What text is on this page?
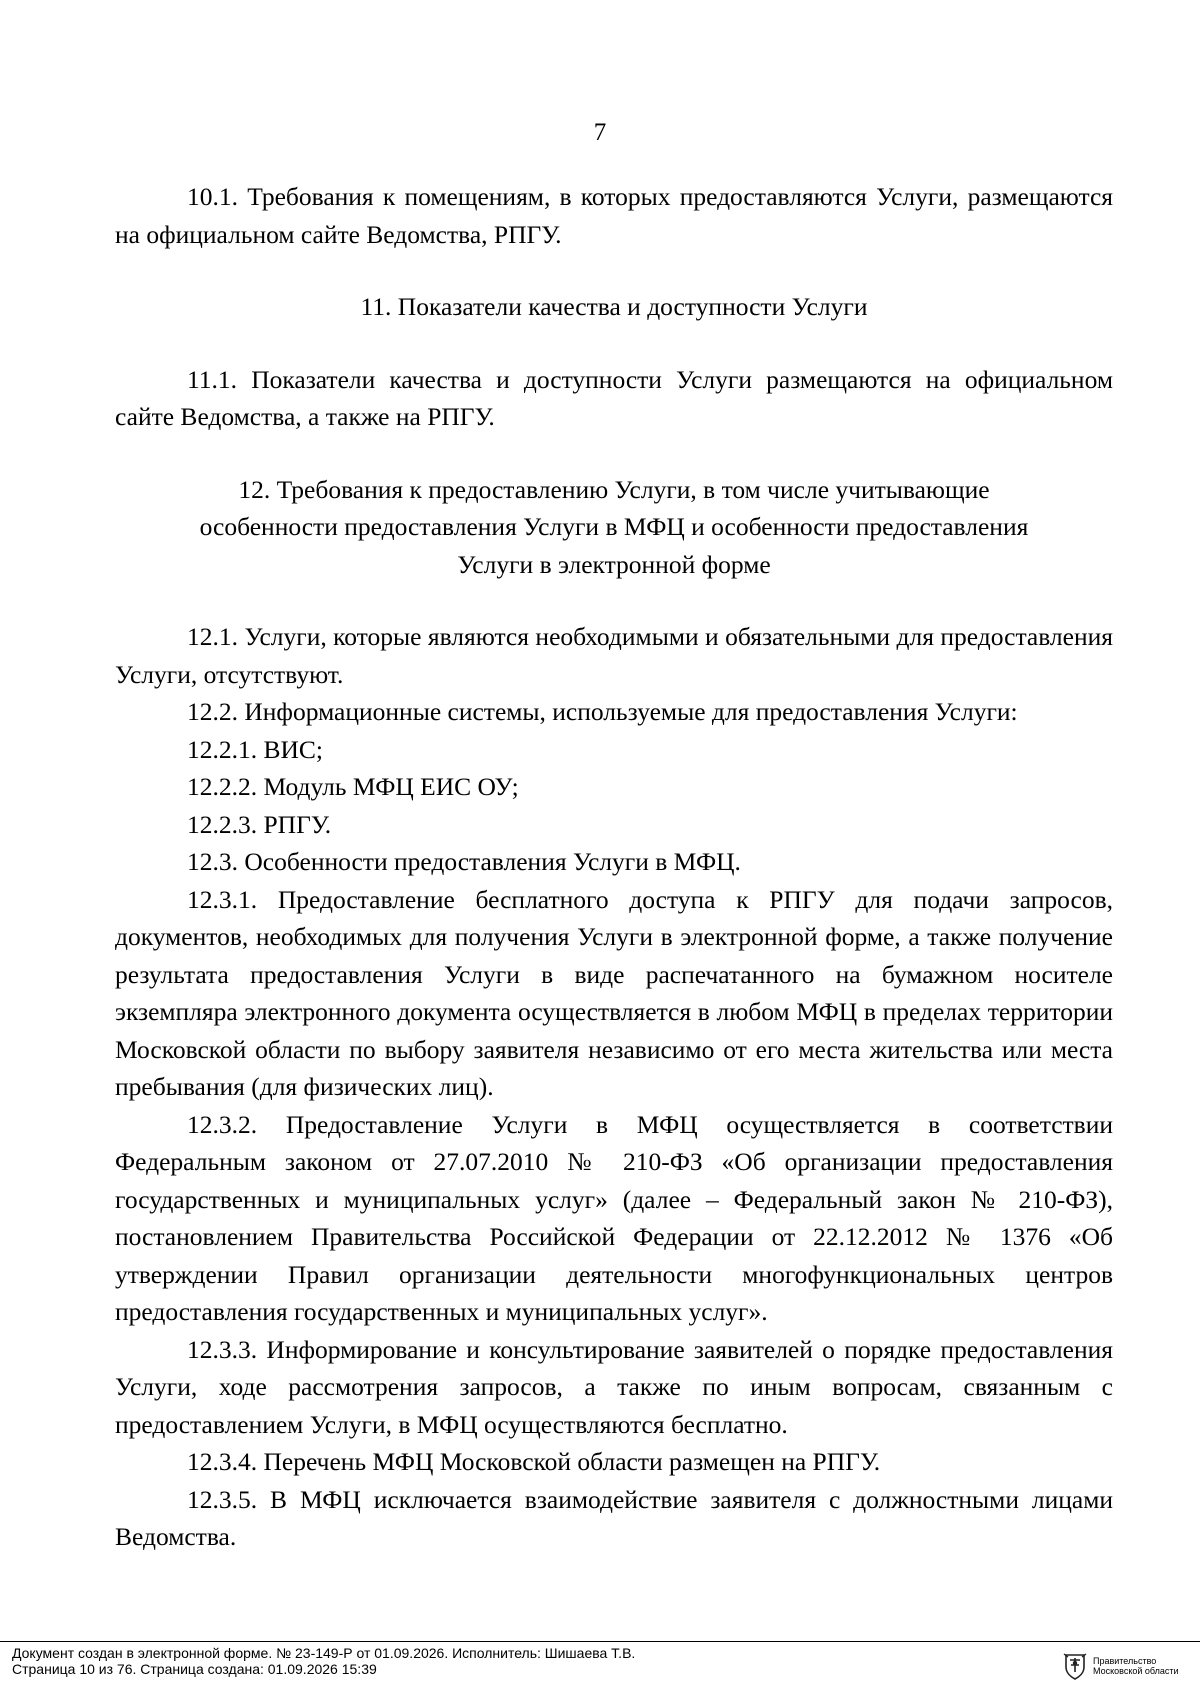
7

10.1. Требования к помещениям, в которых предоставляются Услуги, размещаются на официальном сайте Ведомства, РПГУ.

11. Показатели качества и доступности Услуги

11.1. Показатели качества и доступности Услуги размещаются на официальном сайте Ведомства, а также на РПГУ.

12. Требования к предоставлению Услуги, в том числе учитывающие
особенности предоставления Услуги в МФЦ и особенности предоставления
Услуги в электронной форме

12.1. Услуги, которые являются необходимыми и обязательными для предоставления Услуги, отсутствуют.

12.2. Информационные системы, используемые для предоставления Услуги:

12.2.1. ВИС;

12.2.2. Модуль МФЦ ЕИС ОУ;

12.2.3. РПГУ.

12.3. Особенности предоставления Услуги в МФЦ.

12.3.1. Предоставление бесплатного доступа к РПГУ для подачи запросов, документов, необходимых для получения Услуги в электронной форме, а также получение результата предоставления Услуги в виде распечатанного на бумажном носителе экземпляра электронного документа осуществляется в любом МФЦ в пределах территории Московской области по выбору заявителя независимо от его места жительства или места пребывания (для физических лиц).

12.3.2. Предоставление Услуги в МФЦ осуществляется в соответствии Федеральным законом от 27.07.2010 № 210-ФЗ «Об организации предоставления государственных и муниципальных услуг» (далее – Федеральный закон № 210-ФЗ), постановлением Правительства Российской Федерации от 22.12.2012 № 1376 «Об утверждении Правил организации деятельности многофункциональных центров предоставления государственных и муниципальных услуг».

12.3.3. Информирование и консультирование заявителей о порядке предоставления Услуги, ходе рассмотрения запросов, а также по иным вопросам, связанным с предоставлением Услуги, в МФЦ осуществляются бесплатно.

12.3.4. Перечень МФЦ Московской области размещен на РПГУ.

12.3.5. В МФЦ исключается взаимодействие заявителя с должностными лицами Ведомства.

Документ создан в электронной форме. № 23-149-Р от 01.09.2026. Исполнитель: Шишаева Т.В.
Страница 10 из 76. Страница создана: 01.09.2026 15:39	Правительство
Московской области
